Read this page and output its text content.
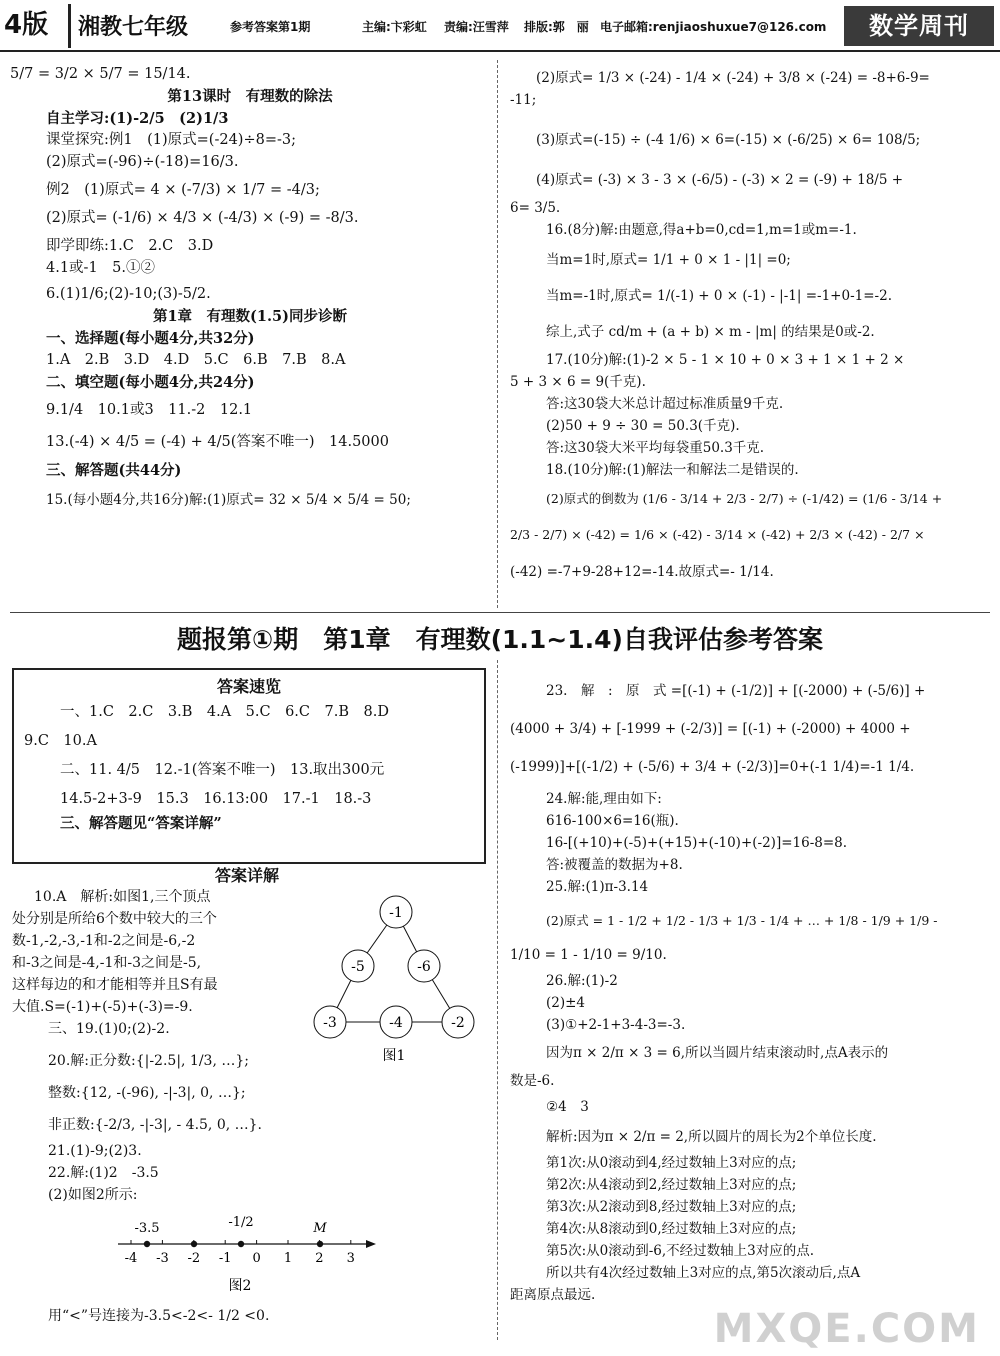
4版 湘教七年级	参考答案第1期	主编:卞彩虹 责编:汪雪萍 排版:郭　丽 电子邮箱:renjiaoshuxue7@126.com	数学周刊
5/7 = 3/2 × 5/7 = 15/14.
第13课时　有理数的除法
自主学习:(1)-2/5　(2)1/3
课堂探究:例1　(1)原式=(-24)÷8=-3;
(2)原式=(-96)÷(-18)=16/3.
例2　(1)原式= 4 × (-7/3) × 1/7 = -4/3;
(2)原式= (-1/6) × 4/3 × (-4/3) × (-9) = -8/3.
即学即练:1.C　2.C　3.D
4.1或-1　5.①②
6.(1)1/6;(2)-10;(3)-5/2.
第1章　有理数(1.5)同步诊断
一、选择题(每小题4分,共32分)
1.A　2.B　3.D　4.D　5.C　6.B　7.B　8.A
二、填空题(每小题4分,共24分)
9.1/4　10.1或3　11.-2　12.1
13.(-4) × 4/5 = (-4) + 4/5(答案不唯一)　14.5000
三、解答题(共44分)
15.(每小题4分,共16分)解:(1)原式= 32 × 5/4 × 5/4 = 50;
(2)原式= 1/3 × (-24) - 1/4 × (-24) + 3/8 × (-24) = -8+6-9=
-11;
(3)原式=(-15) ÷ (-4 1/6) × 6=(-15) × (-6/25) × 6= 108/5;
(4)原式= (-3) × 3 - 3 × (-6/5) - (-3) × 2 = (-9) + 18/5 +
6= 3/5.
16.(8分)解:由题意,得a+b=0,cd=1,m=1或m=-1.
当m=1时,原式= 1/1 + 0 × 1 - |1| =0;
当m=-1时,原式= 1/(-1) + 0 × (-1) - |-1| =-1+0-1=-2.
综上,式子 cd/m + (a + b) × m - |m| 的结果是0或-2.
17.(10分)解:(1)-2 × 5 - 1 × 10 + 0 × 3 + 1 × 1 + 2 ×
5 + 3 × 6 = 9(千克).
答:这30袋大米总计超过标准质量9千克.
(2)50 + 9 ÷ 30 = 50.3(千克).
答:这30袋大米平均每袋重50.3千克.
18.(10分)解:(1)解法一和解法二是错误的.
(2)原式的倒数为 (1/6 - 3/14 + 2/3 - 2/7) ÷ (-1/42) = (1/6 - 3/14 +
2/3 - 2/7) × (-42) = 1/6 × (-42) - 3/14 × (-42) + 2/3 × (-42) - 2/7 ×
(-42) =-7+9-28+12=-14.故原式=- 1/14.
题报第①期　第1章　有理数(1.1~1.4)自我评估参考答案
答案速览
一、1.C　2.C　3.B　4.A　5.C　6.C　7.B　8.D
9.C　10.A
二、11. 4/5　12.-1(答案不唯一)　13.取出300元
14.5-2+3-9　15.3　16.13:00　17.-1　18.-3
三、解答题见“答案详解”
答案详解
10.A　解析:如图1,三个顶点
处分别是所给6个数中较大的三个
数-1,-2,-3,-1和-2之间是-6,-2
和-3之间是-4,-1和-3之间是-5,
这样每边的和才能相等并且S有最
大值.S=(-1)+(-5)+(-3)=-9.
三、19.(1)0;(2)-2.
20.解:正分数:{|-2.5|, 1/3, …};
整数:{12, -(-96), -|-3|, 0, …};
非正数:{-2/3, -|-3|, - 4.5, 0, …}.
21.(1)-9;(2)3.
22.解:(1)2　-3.5
(2)如图2所示:
用“<”号连接为-3.5<-2<- 1/2 <0.
-1
-5	-6
-3	-4	-2
图1
-4 -3 -2 -1 0 1 2 3
-3.5	-1/2	M
图2
23.　解　:　原　式 =[(-1) + (-1/2)] + [(-2000) + (-5/6)] +
(4000 + 3/4) + [-1999 + (-2/3)] = [(-1) + (-2000) + 4000 +
(-1999)]+[(-1/2) + (-5/6) + 3/4 + (-2/3)]=0+(-1 1/4)=-1 1/4.
24.解:能,理由如下:
616-100×6=16(瓶).
16-[(+10)+(-5)+(+15)+(-10)+(-2)]=16-8=8.
答:被覆盖的数据为+8.
25.解:(1)π-3.14
(2)原式 = 1 - 1/2 + 1/2 - 1/3 + 1/3 - 1/4 + … + 1/8 - 1/9 + 1/9 -
1/10 = 1 - 1/10 = 9/10.
26.解:(1)-2
(2)±4
(3)①+2-1+3-4-3=-3.
因为π × 2/π × 3 = 6,所以当圆片结束滚动时,点A表示的
数是-6.
②4　3
解析:因为π × 2/π = 2,所以圆片的周长为2个单位长度.
第1次:从0滚动到4,经过数轴上3对应的点;
第2次:从4滚动到2,经过数轴上3对应的点;
第3次:从2滚动到8,经过数轴上3对应的点;
第4次:从8滚动到0,经过数轴上3对应的点;
第5次:从0滚动到-6,不经过数轴上3对应的点.
所以共有4次经过数轴上3对应的点,第5次滚动后,点A
距离原点最远.
MXQE.COM
